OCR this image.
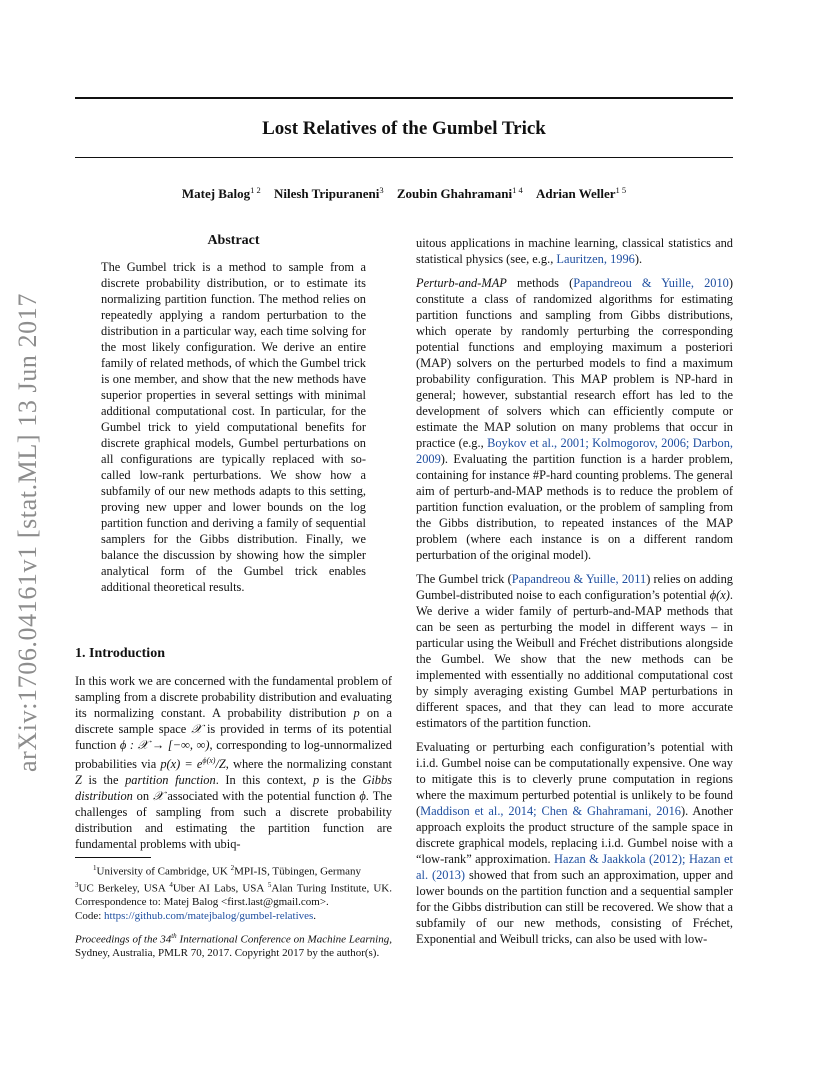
Lost Relatives of the Gumbel Trick
Matej Balog$^{1 2}$ Nilesh Tripuraneni$^3$ Zoubin Ghahramani$^{1 4}$ Adrian Weller$^{1 5}$
arXiv:1706.04161v1 [stat.ML] 13 Jun 2017
Abstract
The Gumbel trick is a method to sample from a discrete probability distribution, or to estimate its normalizing partition function. The method relies on repeatedly applying a random perturbation to the distribution in a particular way, each time solving for the most likely configuration. We derive an entire family of related methods, of which the Gumbel trick is one member, and show that the new methods have superior properties in several settings with minimal additional computational cost. In particular, for the Gumbel trick to yield computational benefits for discrete graphical models, Gumbel perturbations on all configurations are typically replaced with so-called low-rank perturbations. We show how a subfamily of our new methods adapts to this setting, proving new upper and lower bounds on the log partition function and deriving a family of sequential samplers for the Gibbs distribution. Finally, we balance the discussion by showing how the simpler analytical form of the Gumbel trick enables additional theoretical results.
1. Introduction

In this work we are concerned with the fundamental problem of sampling from a discrete probability distribution and evaluating its normalizing constant. A probability distribution p on a discrete sample space 𝒳 is provided in terms of its potential function ϕ : 𝒳 → [−∞, ∞), corresponding to log-unnormalized probabilities via $p(x) = e^{\phi(x)}/Z$, where the normalizing constant Z is the partition function. In this context, p is the Gibbs distribution on 𝒳 associated with the potential function ϕ. The challenges of sampling from such a discrete probability distribution and estimating the partition function are fundamental problems with ubiq-

$^1$University of Cambridge, UK $^2$MPI-IS, Tübingen, Germany
$^3$UC Berkeley, USA $^4$Uber AI Labs, USA $^5$Alan Turing Institute, UK. Correspondence to: Matej Balog <first.last@gmail.com>.
Code: https://github.com/matejbalog/gumbel-relatives.
Proceedings of the 34th International Conference on Machine Learning, Sydney, Australia, PMLR 70, 2017. Copyright 2017 by the author(s).

uitous applications in machine learning, classical statistics and statistical physics (see, e.g., Lauritzen, 1996).

Perturb-and-MAP methods (Papandreou & Yuille, 2010) constitute a class of randomized algorithms for estimating partition functions and sampling from Gibbs distributions, which operate by randomly perturbing the corresponding potential functions and employing maximum a posteriori (MAP) solvers on the perturbed models to find a maximum probability configuration. This MAP problem is NP-hard in general; however, substantial research effort has led to the development of solvers which can efficiently compute or estimate the MAP solution on many problems that occur in practice (e.g., Boykov et al., 2001; Kolmogorov, 2006; Darbon, 2009). Evaluating the partition function is a harder problem, containing for instance #P-hard counting problems. The general aim of perturb-and-MAP methods is to reduce the problem of partition function evaluation, or the problem of sampling from the Gibbs distribution, to repeated instances of the MAP problem (where each instance is on a different random perturbation of the original model).

The Gumbel trick (Papandreou & Yuille, 2011) relies on adding Gumbel-distributed noise to each configuration’s potential ϕ(x). We derive a wider family of perturb-and-MAP methods that can be seen as perturbing the model in different ways – in particular using the Weibull and Fréchet distributions alongside the Gumbel. We show that the new methods can be implemented with essentially no additional computational cost by simply averaging existing Gumbel MAP perturbations in different spaces, and that they can lead to more accurate estimators of the partition function.

Evaluating or perturbing each configuration’s potential with i.i.d. Gumbel noise can be computationally expensive. One way to mitigate this is to cleverly prune computation in regions where the maximum perturbed potential is unlikely to be found (Maddison et al., 2014; Chen & Ghahramani, 2016). Another approach exploits the product structure of the sample space in discrete graphical models, replacing i.i.d. Gumbel noise with a “low-rank” approximation. Hazan & Jaakkola (2012); Hazan et al. (2013) showed that from such an approximation, upper and lower bounds on the partition function and a sequential sampler for the Gibbs distribution can still be recovered. We show that a subfamily of our new methods, consisting of Fréchet, Exponential and Weibull tricks, can also be used with low-
